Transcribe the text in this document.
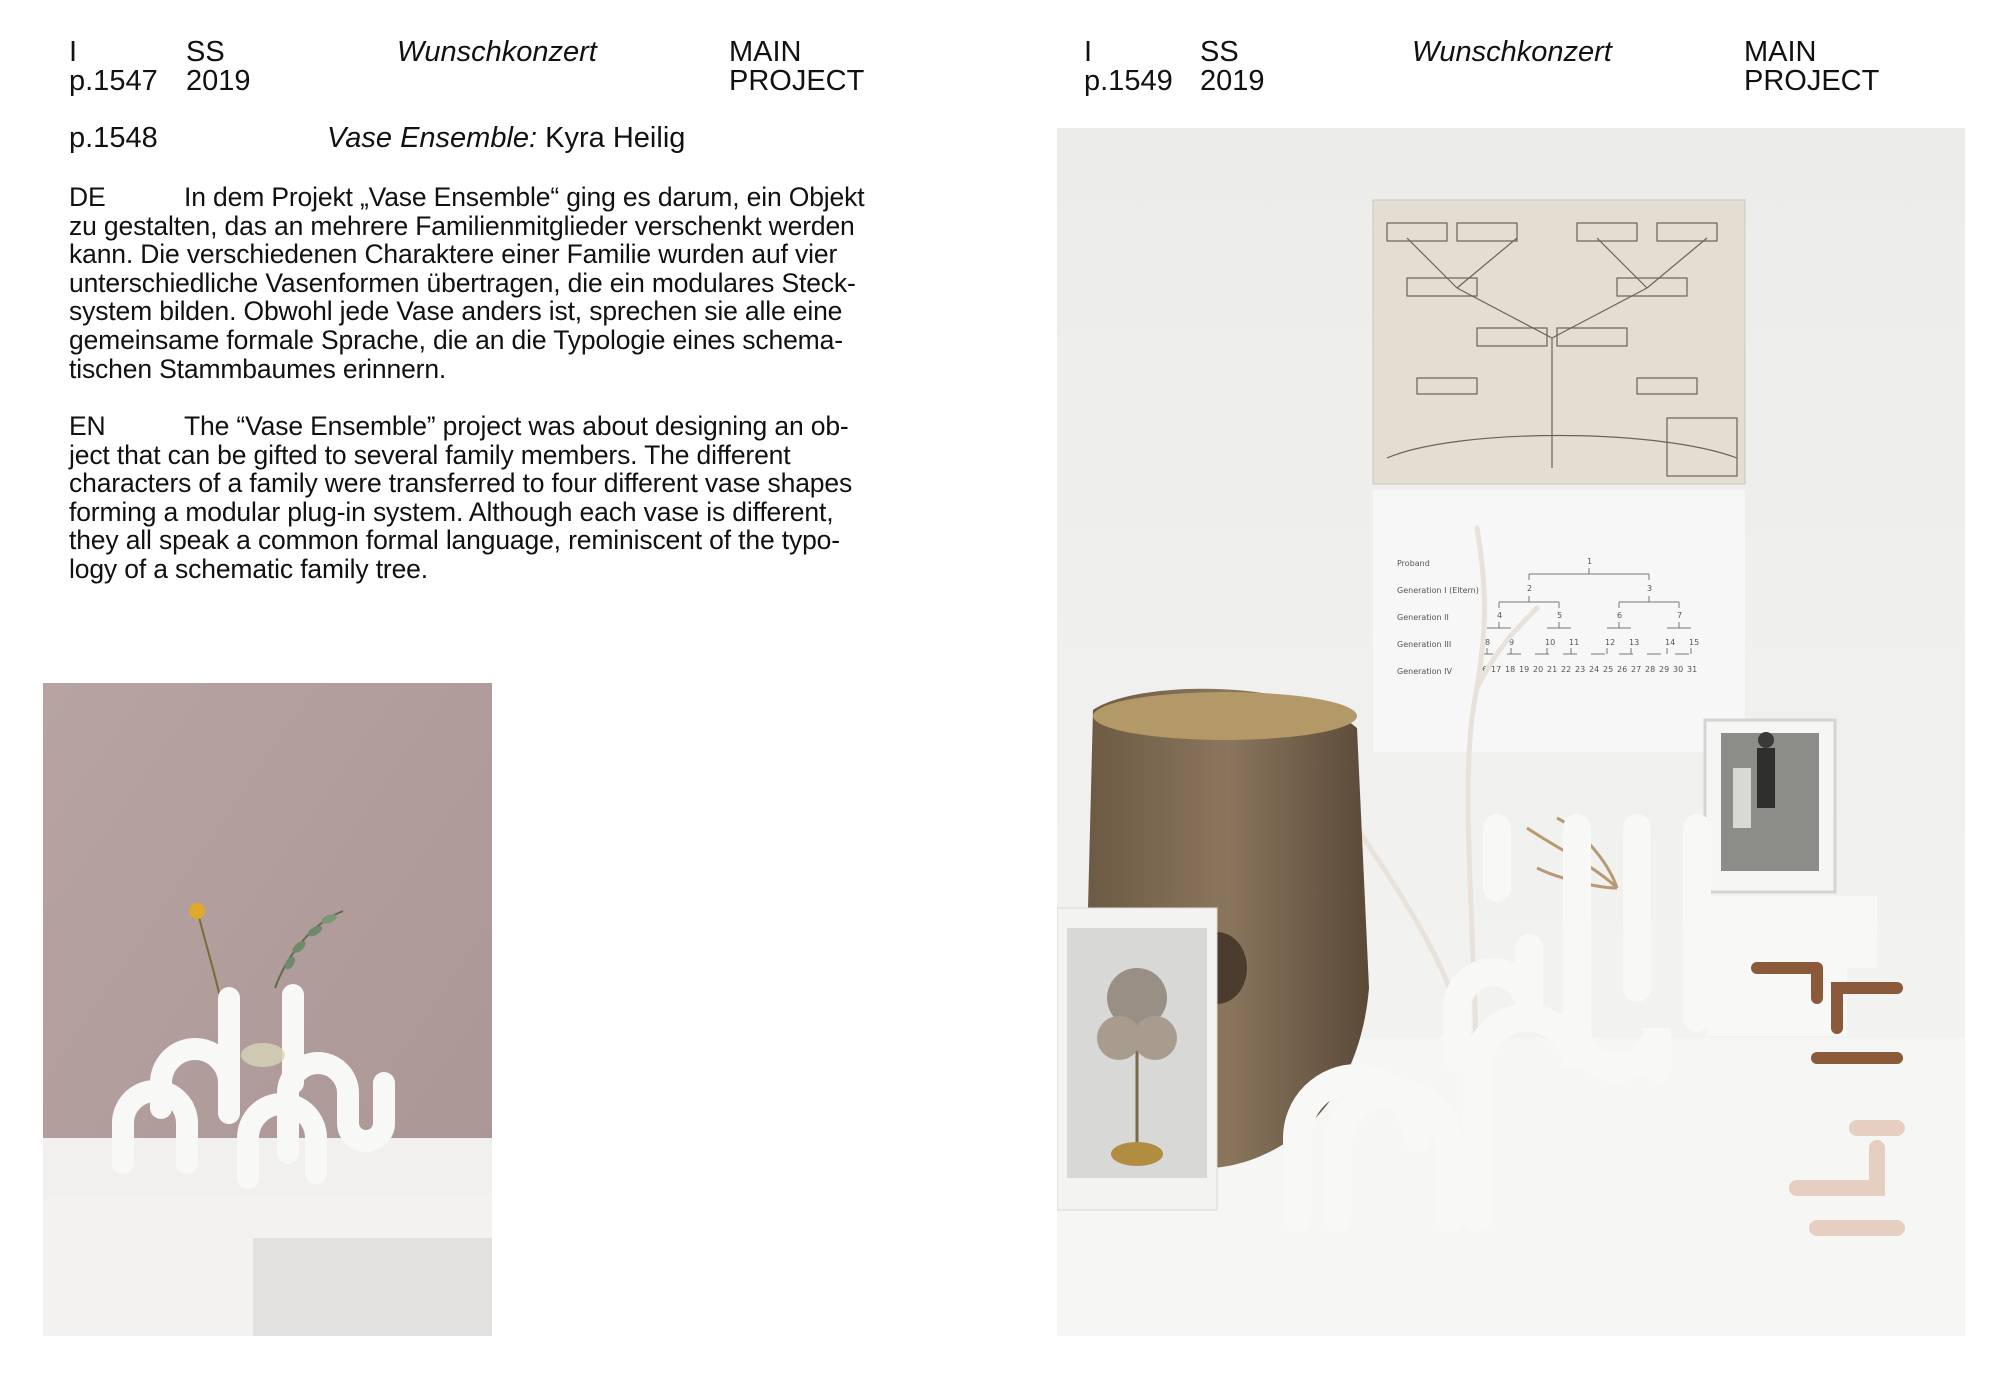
I
p.1547
SS
2019
Wunschkonzert	MAIN
PROJECT
I
p.1549
SS
2019
Wunschkonzert	MAIN
PROJECT
p.1548	Vase Ensemble: Kyra Heilig
DE	In dem Projekt „Vase Ensemble“ ging es darum, ein Objekt
zu gestalten, das an mehrere Familienmitglieder verschenkt werden
kann. Die verschiedenen Charaktere einer Familie wurden auf vier
unterschiedliche Vasenformen übertragen, die ein modulares Steck-
system bilden. Obwohl jede Vase anders ist, sprechen sie alle eine
gemeinsame formale Sprache, die an die Typologie eines schema-
tischen Stammbaumes erinnern.
EN	The “Vase Ensemble” project was about designing an ob-
ject that can be gifted to several family members. The different
characters of a family were transferred to four different vase shapes
forming a modular plug-in system. Although each vase is different,
they all speak a common formal language, reminiscent of the typo-
logy of a schematic family tree.	Proband
Generation I (Eltern)
Generation II
Generation III
Generation IV
1
2	3
4	5	6	7
8 9	10 11	12 13	14 15
16 17 18 19 20 21 22 23 24 25 26 27 28 29 30 31
